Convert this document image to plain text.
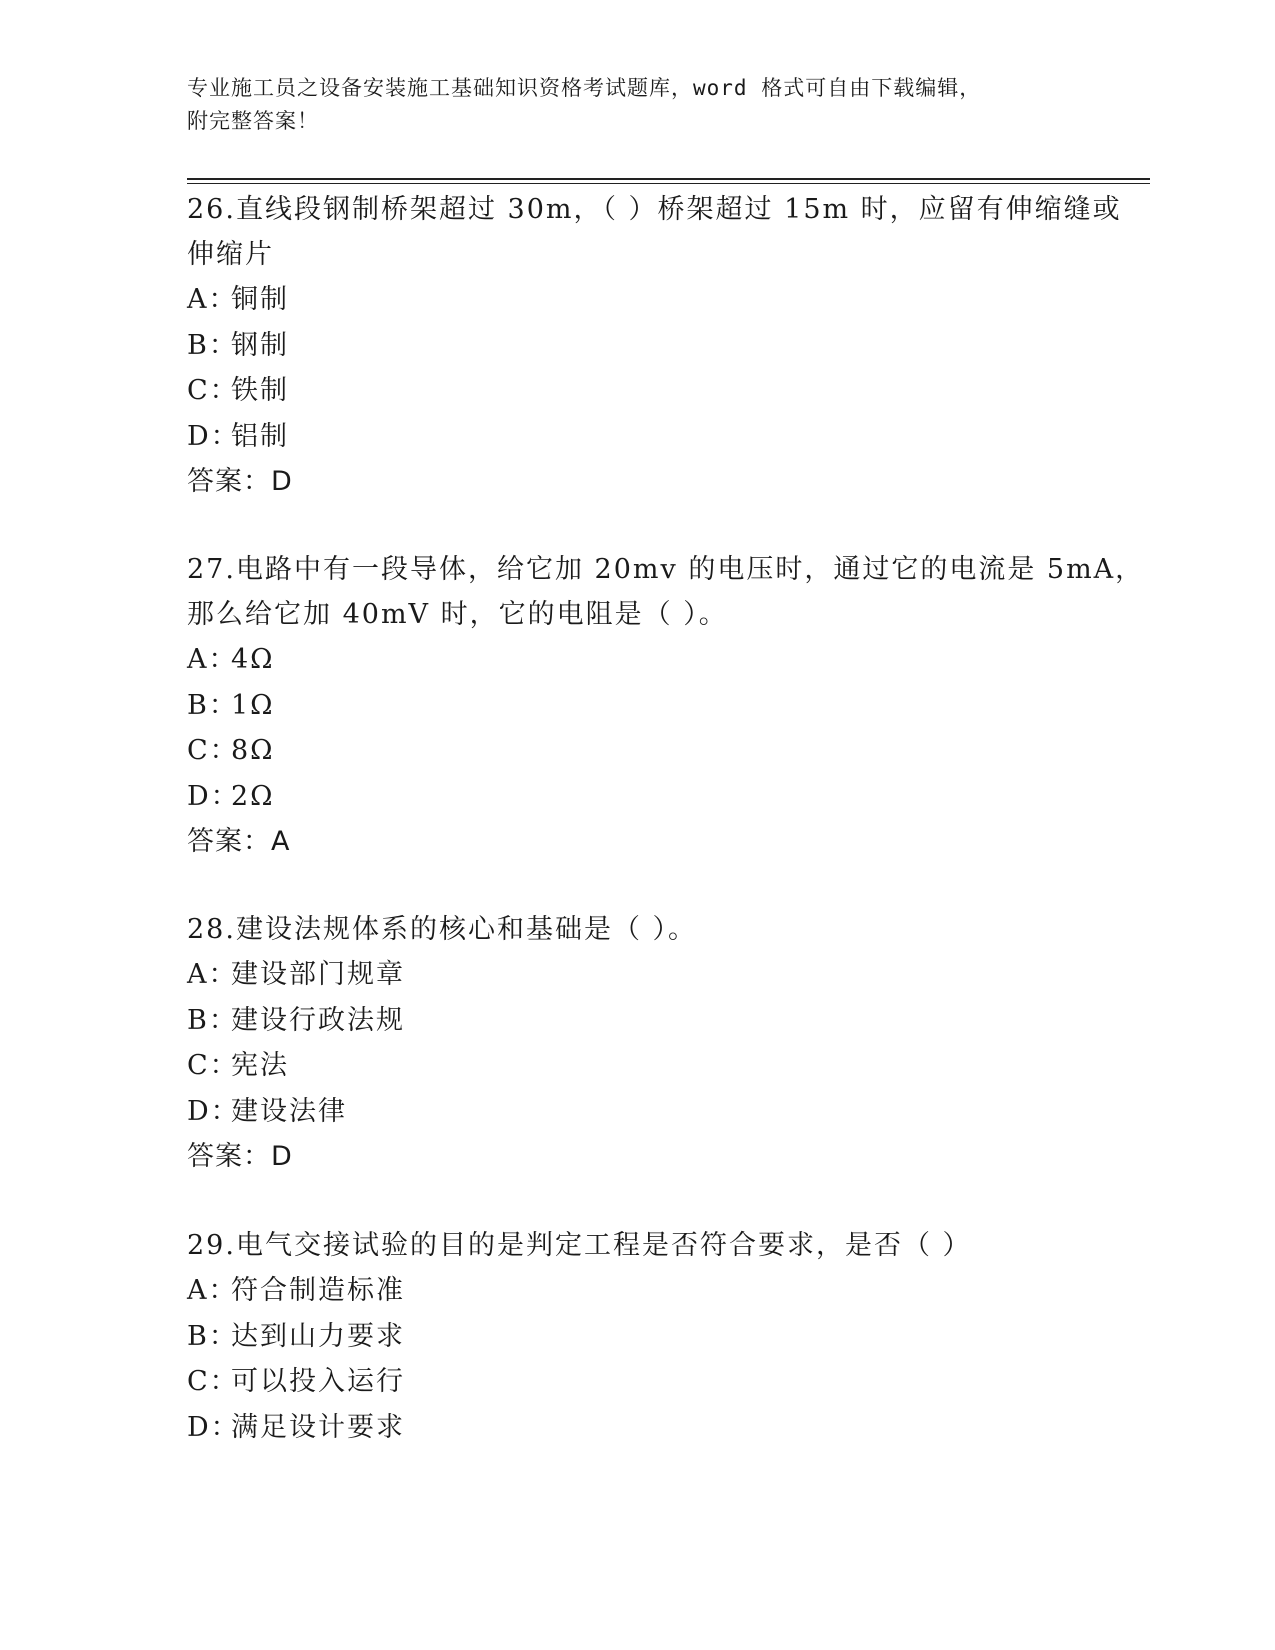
专业施工员之设备安装施工基础知识资格考试题库，word 格式可自由下载编辑，
附完整答案！
26.直线段钢制桥架超过 30m，（ ）桥架超过 15m 时，应留有伸缩缝或
伸缩片
A：铜制
B：钢制
C：铁制
D：铝制
答案：D
27.电路中有一段导体，给它加 20mv 的电压时，通过它的电流是 5mA，
那么给它加 40mV 时，它的电阻是（ ）。
A：4Ω
B：1Ω
C：8Ω
D：2Ω
答案：A
28.建设法规体系的核心和基础是（ ）。
A：建设部门规章
B：建设行政法规
C：宪法
D：建设法律
答案：D
29.电气交接试验的目的是判定工程是否符合要求，是否（ ）
A：符合制造标准
B：达到山力要求
C：可以投入运行
D：满足设计要求
